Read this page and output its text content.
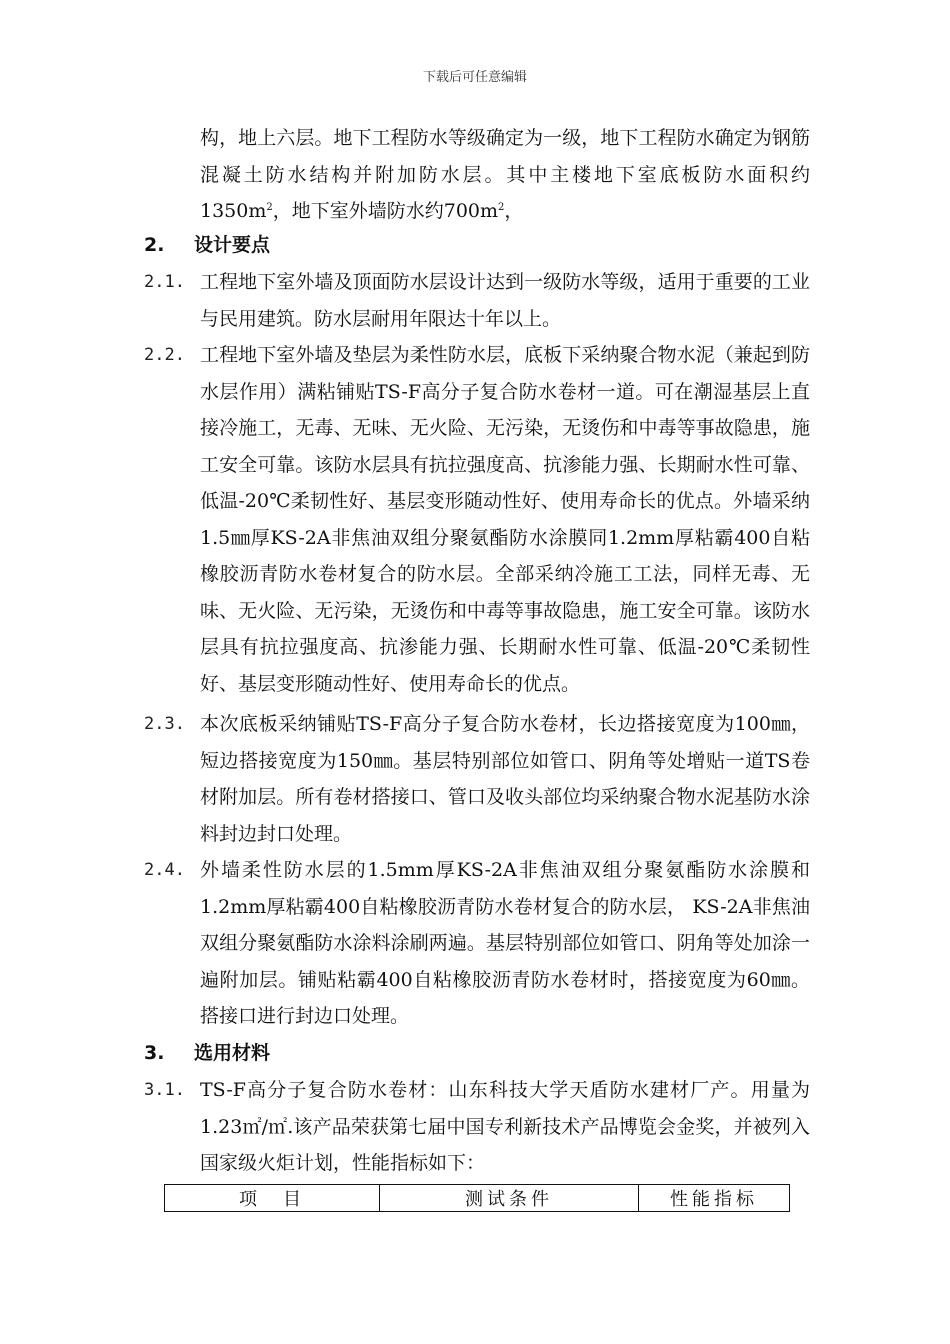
下载后可任意编辑
构，地上六层。地下工程防水等级确定为一级，地下工程防水确定为钢筋混凝土防水结构并附加防水层。其中主楼地下室底板防水面积约$1350m^2$，地下室外墙防水约$700m^2$，
2. 设计要点
2.1. 工程地下室外墙及顶面防水层设计达到一级防水等级，适用于重要的工业与民用建筑。防水层耐用年限达十年以上。
2.2. 工程地下室外墙及垫层为柔性防水层，底板下采纳聚合物水泥（兼起到防水层作用）满粘铺贴TS-F高分子复合防水卷材一道。可在潮湿基层上直接冷施工，无毒、无味、无火险、无污染，无烫伤和中毒等事故隐患，施工安全可靠。该防水层具有抗拉强度高、抗渗能力强、长期耐水性可靠、低温-20℃柔韧性好、基层变形随动性好、使用寿命长的优点。外墙采纳1.5㎜厚KS-2A非焦油双组分聚氨酯防水涂膜同1.2mm厚粘霸400自粘橡胶沥青防水卷材复合的防水层。全部采纳冷施工工法，同样无毒、无味、无火险、无污染，无烫伤和中毒等事故隐患，施工安全可靠。该防水层具有抗拉强度高、抗渗能力强、长期耐水性可靠、低温-20℃柔韧性好、基层变形随动性好、使用寿命长的优点。
2.3. 本次底板采纳铺贴TS-F高分子复合防水卷材，长边搭接宽度为100㎜，短边搭接宽度为150㎜。基层特别部位如管口、阴角等处增贴一道TS卷材附加层。所有卷材搭接口、管口及收头部位均采纳聚合物水泥基防水涂料封边封口处理。
2.4. 外墙柔性防水层的1.5mm厚KS-2A非焦油双组分聚氨酯防水涂膜和1.2mm厚粘霸400自粘橡胶沥青防水卷材复合的防水层， KS-2A非焦油双组分聚氨酯防水涂料涂刷两遍。基层特别部位如管口、阴角等处加涂一遍附加层。铺贴粘霸400自粘橡胶沥青防水卷材时，搭接宽度为60㎜。搭接口进行封边口处理。
3. 选用材料
3.1. TS-F高分子复合防水卷材：山东科技大学天盾防水建材厂产。用量为1.23㎡/㎡.该产品荣获第七届中国专利新技术产品博览会金奖，并被列入国家级火炬计划，性能指标如下：
项　目	测试条件	性能指标
